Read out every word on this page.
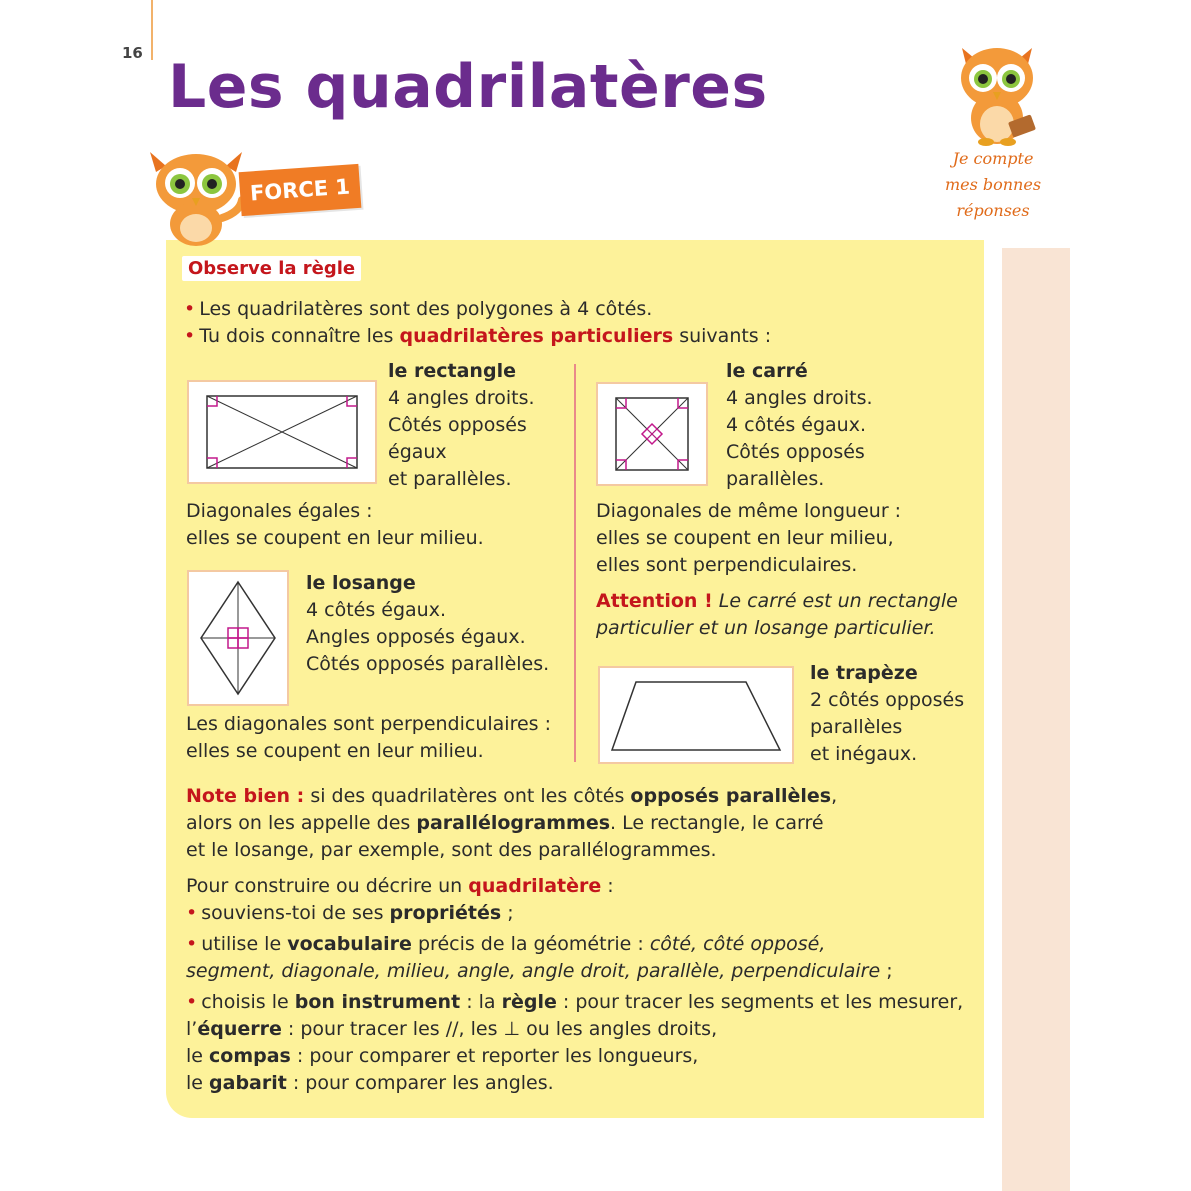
16 Les quadrilatères
Je compte
mes bonnes
réponses
FORCE 1
Observe la règle
• Les quadrilatères sont des polygones à 4 côtés.
• Tu dois connaître les quadrilatères particuliers suivants :
le rectangle
4 angles droits.
Côtés opposés
égaux
et parallèles.
Diagonales égales :
elles se coupent en leur milieu.
le losange
4 côtés égaux.
Angles opposés égaux.
Côtés opposés parallèles.
Les diagonales sont perpendiculaires :
elles se coupent en leur milieu.
le carré
4 angles droits.
4 côtés égaux.
Côtés opposés
parallèles.
Diagonales de même longueur :
elles se coupent en leur milieu,
elles sont perpendiculaires.
Attention ! Le carré est un rectangle
particulier et un losange particulier.
le trapèze
2 côtés opposés
parallèles
et inégaux.
Note bien : si des quadrilatères ont les côtés opposés parallèles,
alors on les appelle des parallélogrammes. Le rectangle, le carré
et le losange, par exemple, sont des parallélogrammes.
Pour construire ou décrire un quadrilatère :
• souviens-toi de ses propriétés ;
• utilise le vocabulaire précis de la géométrie : côté, côté opposé,
segment, diagonale, milieu, angle, angle droit, parallèle, perpendiculaire ;
• choisis le bon instrument : la règle : pour tracer les segments et les mesurer,
l’équerre : pour tracer les //, les ⊥ ou les angles droits,
le compas : pour comparer et reporter les longueurs,
le gabarit : pour comparer les angles.
